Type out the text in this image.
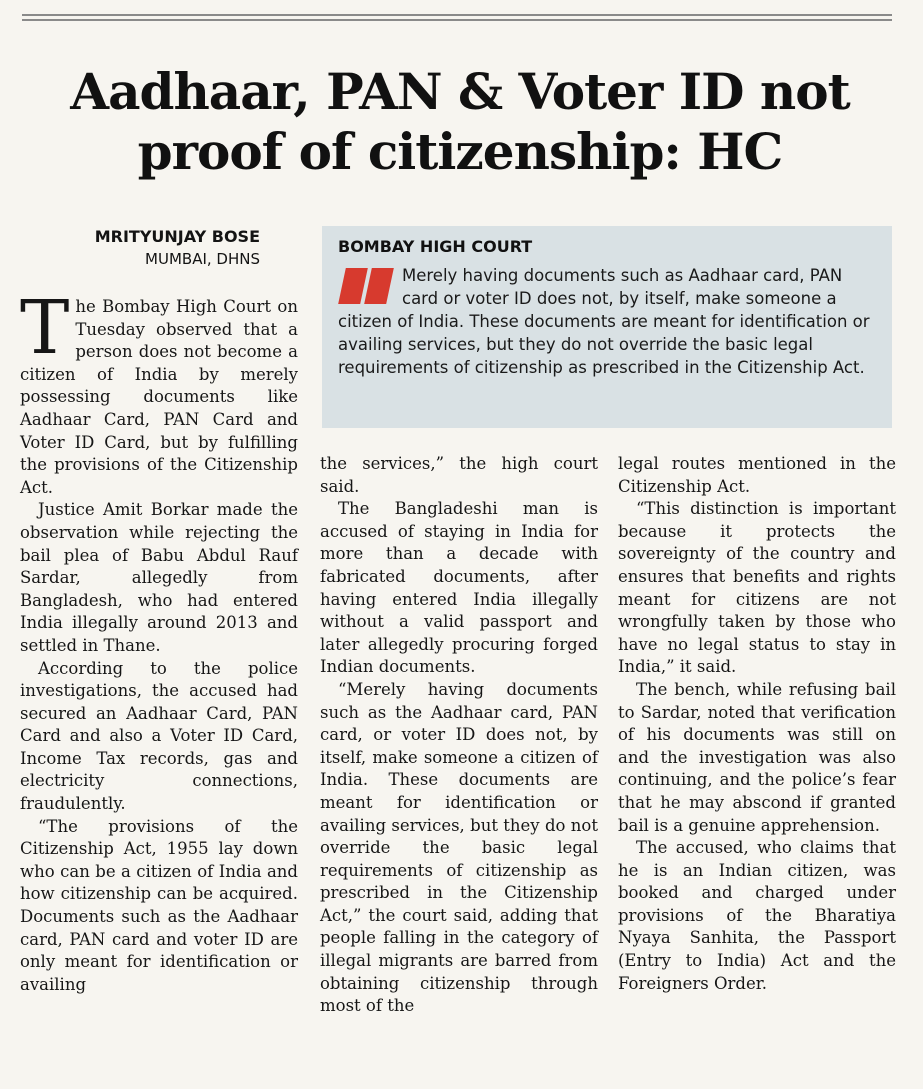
Aadhaar, PAN & Voter ID not
proof of citizenship: HC
MRITYUNJAY BOSE
MUMBAI, DHNS
BOMBAY HIGH COURT
Merely having documents such as Aadhaar card, PAN card or voter ID does not, by itself, make someone a citizen of India. These documents are meant for identification or availing services, but they do not override the basic legal requirements of citizenship as prescribed in the Citizenship Act.

The Bombay High Court on Tuesday observed that a person does not become a citizen of India by merely possessing documents like Aadhaar Card, PAN Card and Voter ID Card, but by fulfilling the provisions of the Citizenship Act.

Justice Amit Borkar made the observation while rejecting the bail plea of Babu Abdul Rauf Sardar, allegedly from Bangladesh, who had entered India illegally around 2013 and settled in Thane.

According to the police investigations, the accused had secured an Aadhaar Card, PAN Card and also a Voter ID Card, Income Tax records, gas and electricity connections, fraudulently.

“The provisions of the Citizenship Act, 1955 lay down who can be a citizen of India and how citizenship can be acquired. Documents such as the Aadhaar card, PAN card and voter ID are only meant for identification or availing

the services,” the high court said.

The Bangladeshi man is accused of staying in India for more than a decade with fabricated documents, after having entered India illegally without a valid passport and later allegedly procuring forged Indian documents.

“Merely having documents such as the Aadhaar card, PAN card, or voter ID does not, by itself, make someone a citizen of India. These documents are meant for identification or availing services, but they do not override the basic legal requirements of citizenship as prescribed in the Citizenship Act,” the court said, adding that people falling in the category of illegal migrants are barred from obtaining citizenship through most of the

legal routes mentioned in the Citizenship Act.

“This distinction is important because it protects the sovereignty of the country and ensures that benefits and rights meant for citizens are not wrongfully taken by those who have no legal status to stay in India,” it said.

The bench, while refusing bail to Sardar, noted that verification of his documents was still on and the investigation was also continuing, and the police’s fear that he may abscond if granted bail is a genuine apprehension.

The accused, who claims that he is an Indian citizen, was booked and charged under provisions of the Bharatiya Nyaya Sanhita, the Passport (Entry to India) Act and the Foreigners Order.
